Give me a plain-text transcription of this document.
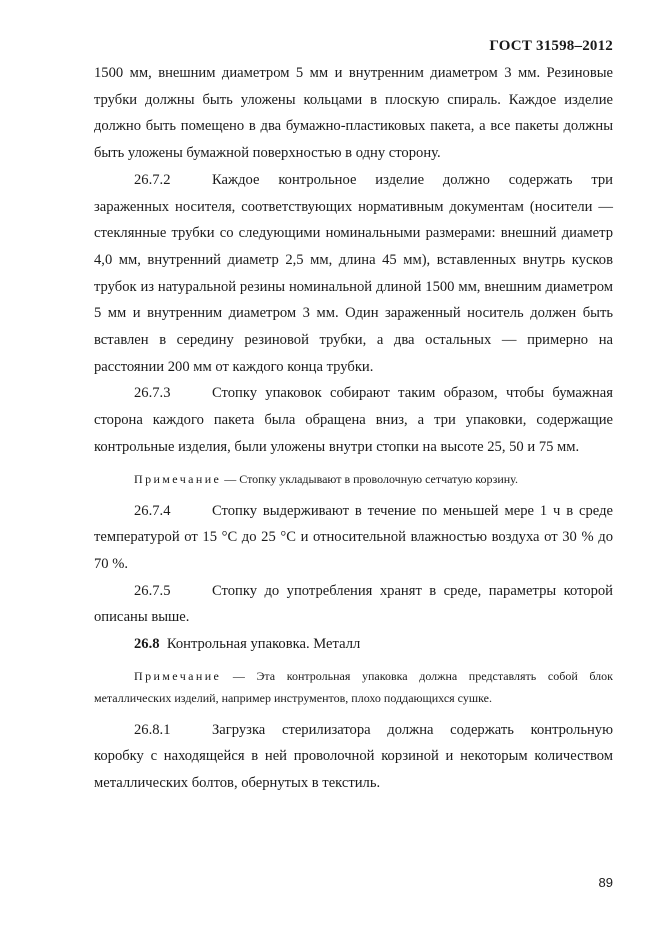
ГОСТ 31598–2012

1500 мм, внешним диаметром 5 мм и внутренним диаметром 3 мм. Резиновые трубки должны быть уложены кольцами в плоскую спираль. Каждое изделие должно быть помещено в два бумажно-пластиковых пакета, а все пакеты должны быть уложены бумажной поверхностью в одну сторону.

26.7.2	Каждое контрольное изделие должно содержать три зараженных носителя, соответствующих нормативным документам (носители — стеклянные трубки со следующими номинальными размерами: внешний диаметр 4,0 мм, внутренний диаметр 2,5 мм, длина 45 мм), вставленных внутрь кусков трубок из натуральной резины номинальной длиной 1500 мм, внешним диаметром 5 мм и внутренним диаметром 3 мм. Один зараженный носитель должен быть вставлен в середину резиновой трубки, а два остальных — примерно на расстоянии 200 мм от каждого конца трубки.

26.7.3	Стопку упаковок собирают таким образом, чтобы бумажная сторона каждого пакета была обращена вниз, а три упаковки, содержащие контрольные изделия, были уложены внутри стопки на высоте 25, 50 и 75 мм.

Примечание — Стопку укладывают в проволочную сетчатую корзину.

26.7.4	Стопку выдерживают в течение по меньшей мере 1 ч в среде температурой от 15 °С до 25 °С и относительной влажностью воздуха от 30 % до 70 %.

26.7.5	Стопку до употребления хранят в среде, параметры которой описаны выше.

26.8 Контрольная упаковка. Металл

Примечание — Эта контрольная упаковка должна представлять собой блок металлических изделий, например инструментов, плохо поддающихся сушке.

26.8.1	Загрузка стерилизатора должна содержать контрольную коробку с находящейся в ней проволочной корзиной и некоторым количеством металлических болтов, обернутых в текстиль.

89
